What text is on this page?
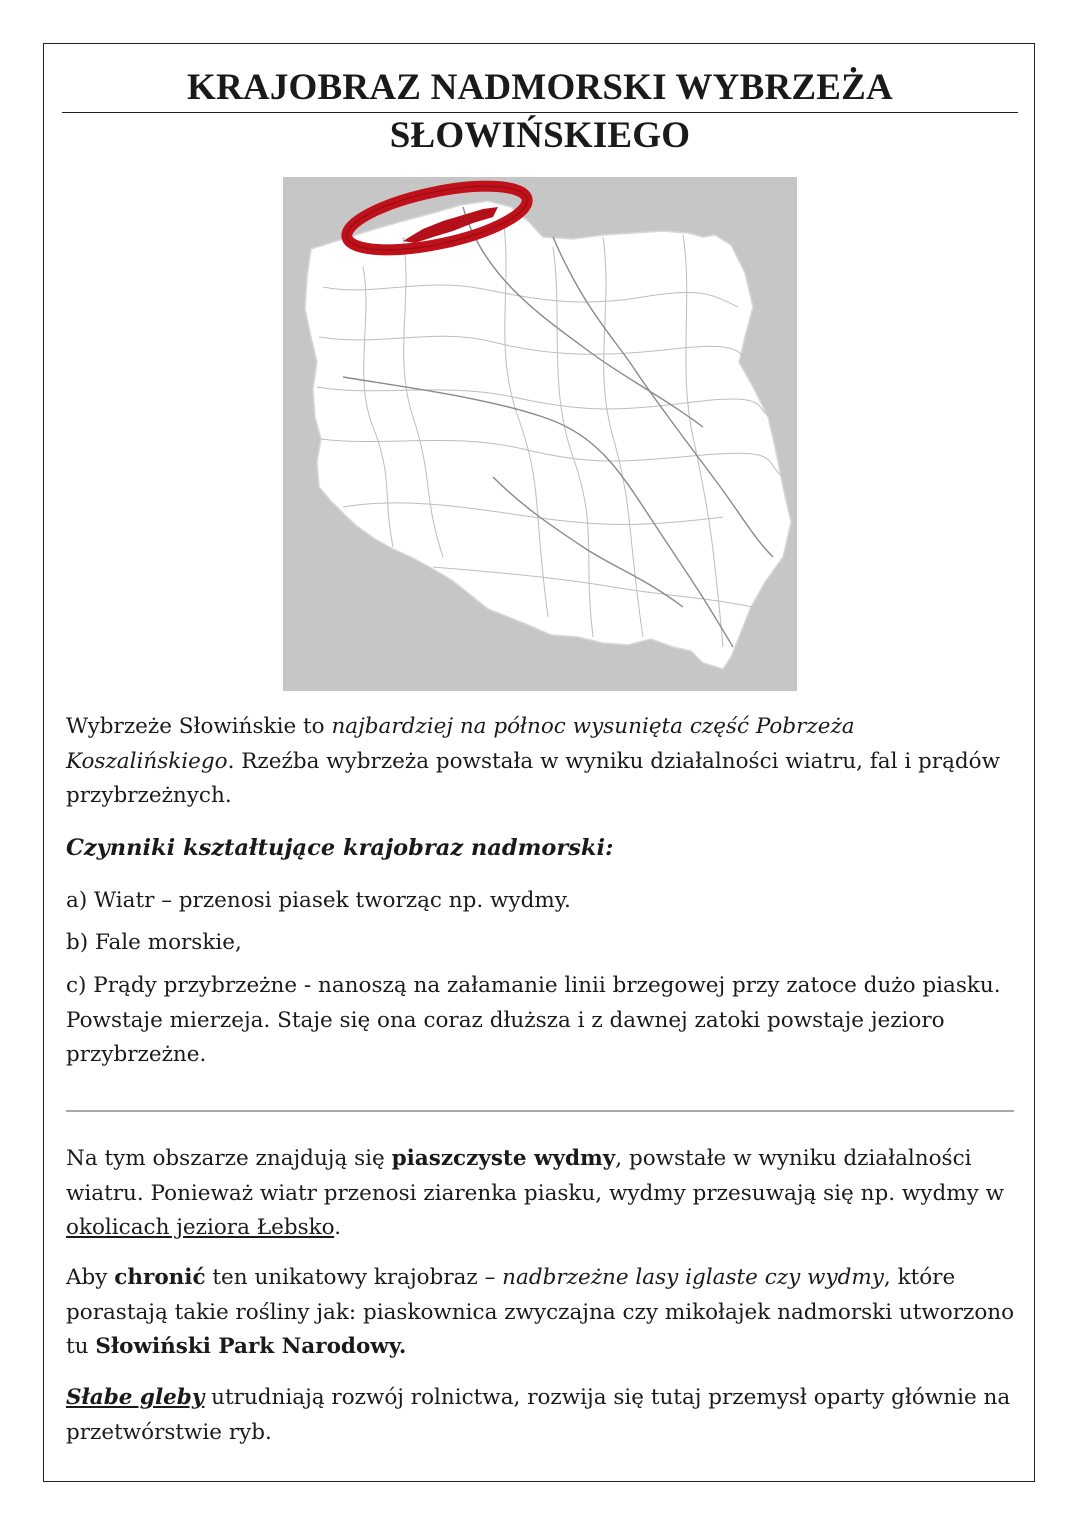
KRAJOBRAZ NADMORSKI WYBRZEŻA SŁOWIŃSKIEGO

Wybrzeże Słowińskie to najbardziej na północ wysunięta część Pobrzeża Koszalińskiego. Rzeźba wybrzeża powstała w wyniku działalności wiatru, fal i prądów przybrzeżnych.

Czynniki kształtujące krajobraz nadmorski:

a) Wiatr – przenosi piasek tworząc np. wydmy.

b) Fale morskie,

c) Prądy przybrzeżne - nanoszą na załamanie linii brzegowej przy zatoce dużo piasku. Powstaje mierzeja. Staje się ona coraz dłuższa i z dawnej zatoki powstaje jezioro przybrzeżne.

Na tym obszarze znajdują się piaszczyste wydmy, powstałe w wyniku działalności wiatru. Ponieważ wiatr przenosi ziarenka piasku, wydmy przesuwają się np. wydmy w okolicach jeziora Łebsko.

Aby chronić ten unikatowy krajobraz – nadbrzeżne lasy iglaste czy wydmy, które porastają takie rośliny jak: piaskownica zwyczajna czy mikołajek nadmorski utworzono tu Słowiński Park Narodowy.

Słabe gleby utrudniają rozwój rolnictwa, rozwija się tutaj przemysł oparty głównie na przetwórstwie ryb.
